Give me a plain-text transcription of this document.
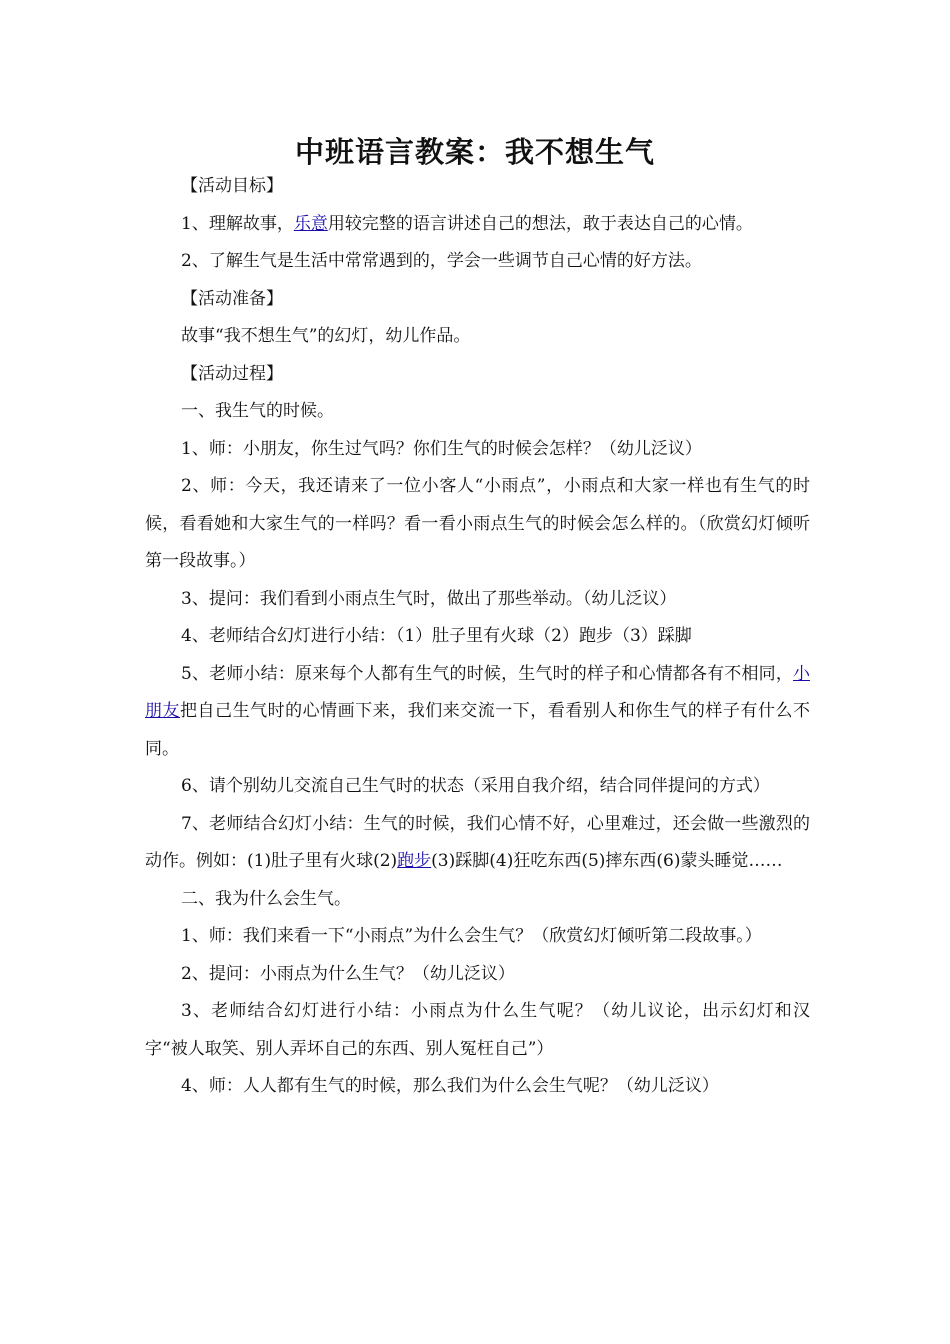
中班语言教案：我不想生气

【活动目标】

1、理解故事，乐意用较完整的语言讲述自己的想法，敢于表达自己的心情。

2、了解生气是生活中常常遇到的，学会一些调节自己心情的好方法。

【活动准备】

故事“我不想生气”的幻灯，幼儿作品。

【活动过程】

一、我生气的时候。

1、师：小朋友，你生过气吗？你们生气的时候会怎样？（幼儿泛议）

2、师：今天，我还请来了一位小客人“小雨点”，小雨点和大家一样也有生气的时候，看看她和大家生气的一样吗？看一看小雨点生气的时候会怎么样的。（欣赏幻灯倾听第一段故事。）

3、提问：我们看到小雨点生气时，做出了那些举动。（幼儿泛议）

4、老师结合幻灯进行小结：（1）肚子里有火球（2）跑步（3）踩脚

5、老师小结：原来每个人都有生气的时候，生气时的样子和心情都各有不相同，小朋友把自己生气时的心情画下来，我们来交流一下，看看别人和你生气的样子有什么不同。

6、请个别幼儿交流自己生气时的状态（采用自我介绍，结合同伴提问的方式）

7、老师结合幻灯小结：生气的时候，我们心情不好，心里难过，还会做一些激烈的动作。例如：(1)肚子里有火球(2)跑步(3)踩脚(4)狂吃东西(5)摔东西(6)蒙头睡觉……

二、我为什么会生气。

1、师：我们来看一下“小雨点”为什么会生气？（欣赏幻灯倾听第二段故事。）

2、提问：小雨点为什么生气？（幼儿泛议）

3、老师结合幻灯进行小结：小雨点为什么生气呢？（幼儿议论，出示幻灯和汉字“被人取笑、别人弄坏自己的东西、别人冤枉自己”）

4、师：人人都有生气的时候，那么我们为什么会生气呢？（幼儿泛议）
